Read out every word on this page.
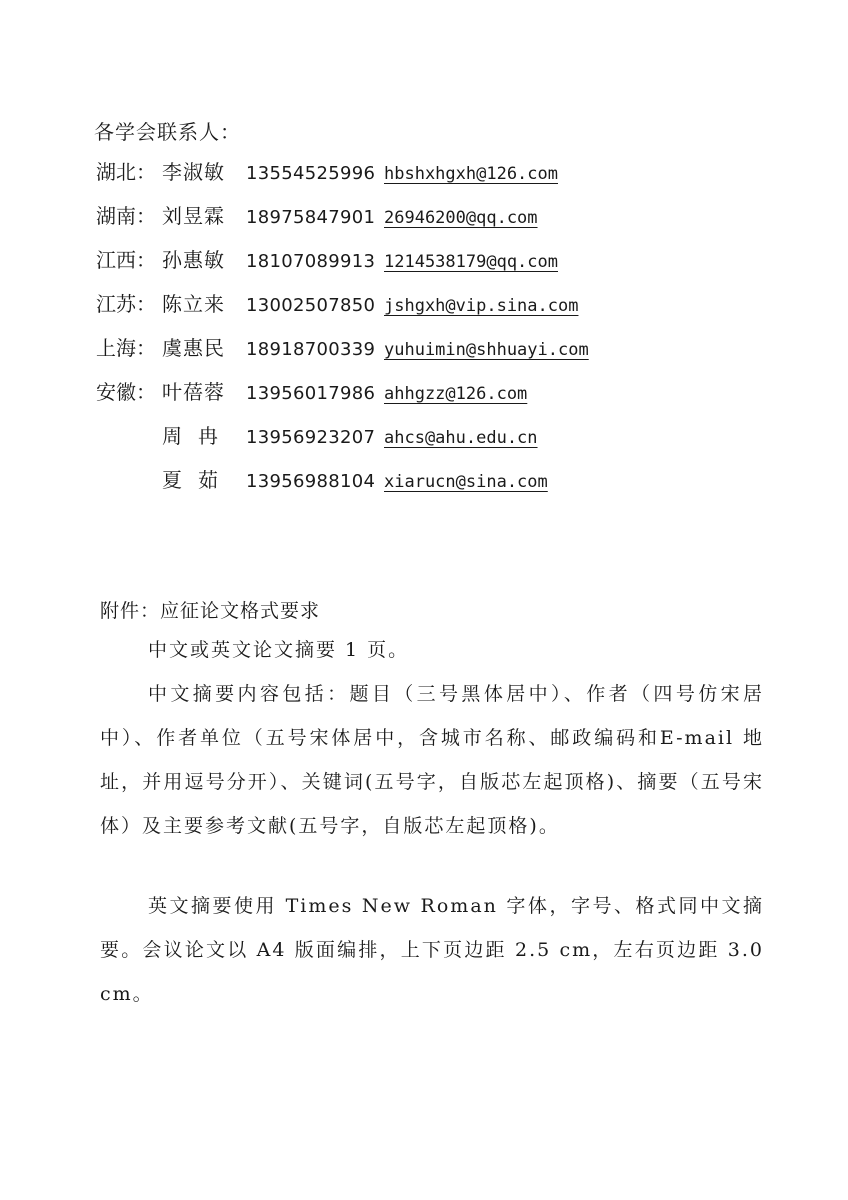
各学会联系人：
湖北： 李淑敏	13554525996 hbshxhgxh@126.com
湖南： 刘昱霖	18975847901 26946200@qq.com
江西： 孙惠敏	18107089913 1214538179@qq.com
江苏： 陈立来	13002507850 jshgxh@vip.sina.com
上海： 虞惠民	18918700339 yuhuimin@shhuayi.com
安徽： 叶蓓蓉	13956017986 ahhgzz@126.com
周冉 13956923207 ahcs@ahu.edu.cn
夏茹 13956988104 xiarucn@sina.com
附件：应征论文格式要求

中文或英文论文摘要 1 页。

中文摘要内容包括：题目（三号黑体居中）、作者（四号仿宋居中）、作者单位（五号宋体居中，含城市名称、邮政编码和E-mail 地址，并用逗号分开）、关键词(五号字，自版芯左起顶格)、摘要（五号宋体）及主要参考文献(五号字，自版芯左起顶格)。

英文摘要使用 Times New Roman 字体，字号、格式同中文摘要。会议论文以 A4 版面编排，上下页边距 2.5 cm，左右页边距 3.0 cm。
